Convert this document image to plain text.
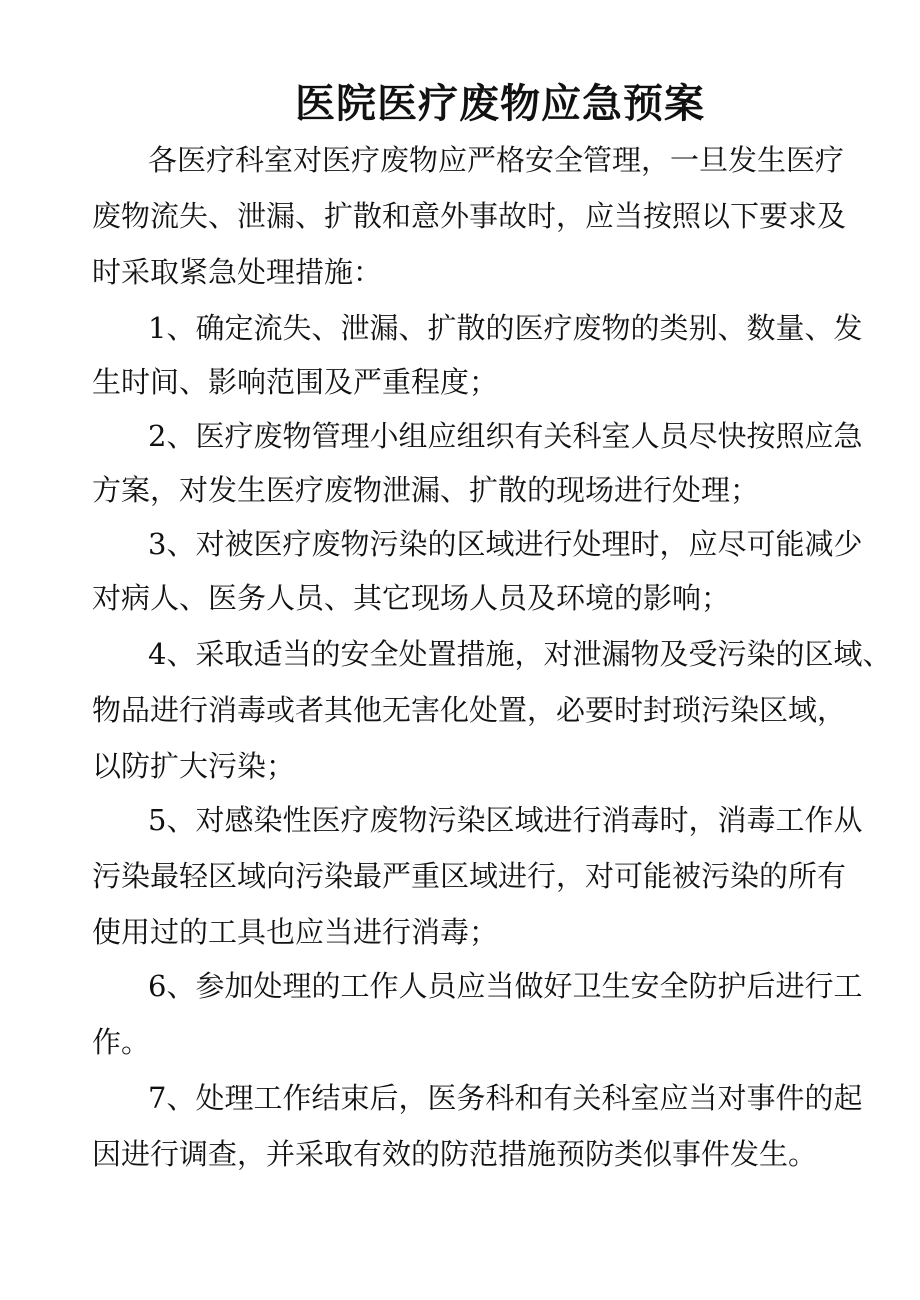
医院医疗废物应急预案
各医疗科室对医疗废物应严格安全管理，一旦发生医疗
废物流失、泄漏、扩散和意外事故时，应当按照以下要求及
时采取紧急处理措施：
1、确定流失、泄漏、扩散的医疗废物的类别、数量、发
生时间、影响范围及严重程度；
2、医疗废物管理小组应组织有关科室人员尽快按照应急
方案，对发生医疗废物泄漏、扩散的现场进行处理；
3、对被医疗废物污染的区域进行处理时，应尽可能减少
对病人、医务人员、其它现场人员及环境的影响；
4、采取适当的安全处置措施，对泄漏物及受污染的区域、
物品进行消毒或者其他无害化处置，必要时封琐污染区域，
以防扩大污染；
5、对感染性医疗废物污染区域进行消毒时，消毒工作从
污染最轻区域向污染最严重区域进行，对可能被污染的所有
使用过的工具也应当进行消毒；
6、参加处理的工作人员应当做好卫生安全防护后进行工
作。
7、处理工作结束后，医务科和有关科室应当对事件的起
因进行调查，并采取有效的防范措施预防类似事件发生。
